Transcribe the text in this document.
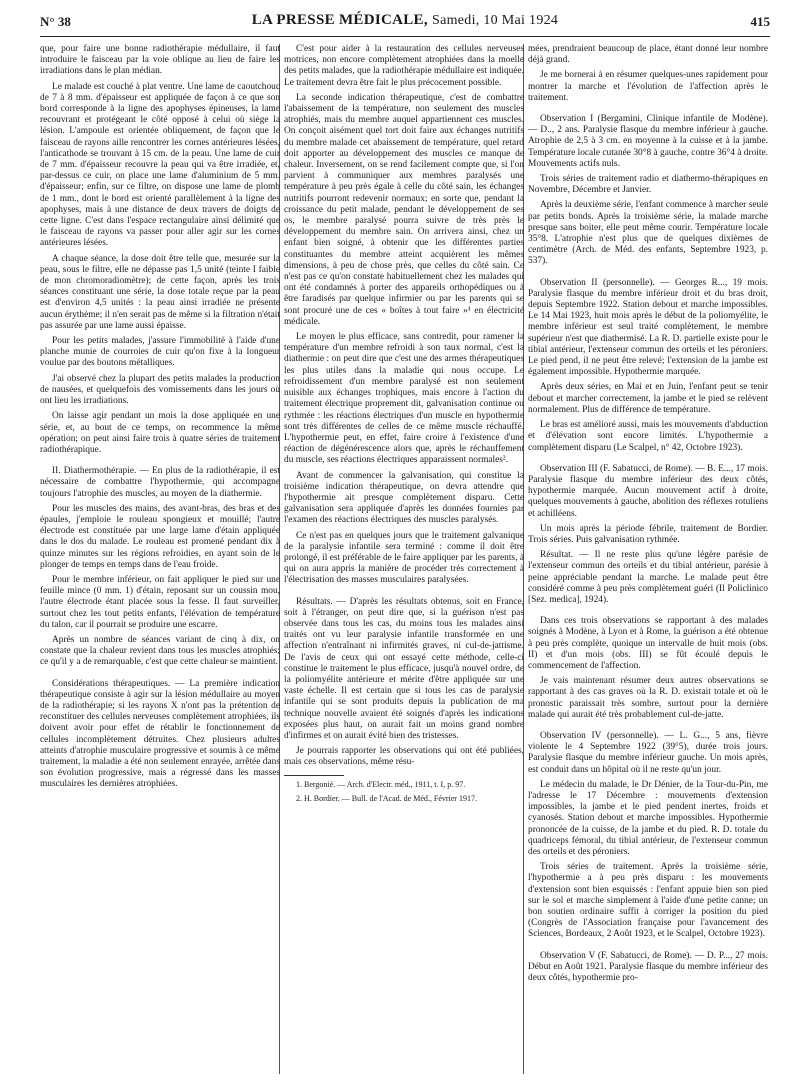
N° 38	LA PRESSE MÉDICALE, Samedi, 10 Mai 1924	415

que, pour faire une bonne radiothérapie médullaire, il faut introduire le faisceau par la voie oblique au lieu de faire les irradiations dans le plan médian.

Le malade est couché à plat ventre. Une lame de caoutchouc de 7 à 8 mm. d'épaisseur est appliquée de façon à ce que son bord corresponde à la ligne des apophyses épineuses, la lame recouvrant et protégeant le côté opposé à celui où siège la lésion. L'ampoule est orientée obliquement, de façon que le faisceau de rayons aille rencontrer les cornes antérieures lésées, l'anticathode se trouvant à 15 cm. de la peau. Une lame de cuir de 7 mm. d'épaisseur recouvre la peau qui va être irradiée, et, par-dessus ce cuir, on place une lame d'aluminium de 5 mm. d'épaisseur; enfin, sur ce filtre, on dispose une lame de plomb de 1 mm., dont le bord est orienté parallèlement à la ligne des apophyses, mais à une distance de deux travers de doigts de cette ligne. C'est dans l'espace rectangulaire ainsi délimité que le faisceau de rayons va passer pour aller agir sur les cornes antérieures lésées.

A chaque séance, la dose doit être telle que, mesurée sur la peau, sous le filtre, elle ne dépasse pas 1,5 unité (teinte I faible de mon chromoradiomètre); de cette façon, après les trois séances constituant une série, la dose totale reçue par la peau est d'environ 4,5 unités : la peau ainsi irradiée ne présente aucun érythème; il n'en serait pas de même si la filtration n'était pas assurée par une lame aussi épaisse.

Pour les petits malades, j'assure l'immobilité à l'aide d'une planche munie de courroies de cuir qu'on fixe à la longueur voulue par des boutons métalliques.

J'ai observé chez la plupart des petits malades la production de nausées, et quelquefois des vomissements dans les jours où ont lieu les irradiations.

On laisse agir pendant un mois la dose appliquée en une série, et, au bout de ce temps, on recommence la même opération; on peut ainsi faire trois à quatre séries de traitement radiothérapique.

II. Diathermothérapie. — En plus de la radiothérapie, il est nécessaire de combattre l'hypothermie, qui accompagne toujours l'atrophie des muscles, au moyen de la diathermie.

Pour les muscles des mains, des avant-bras, des bras et des épaules, j'emploie le rouleau spongieux et mouillé; l'autre électrode est constituée par une large lame d'étain appliquée dans le dos du malade. Le rouleau est promené pendant dix à quinze minutes sur les régions refroidies, en ayant soin de le plonger de temps en temps dans de l'eau froide.

Pour le membre inférieur, on fait appliquer le pied sur une feuille mince (0 mm. 1) d'étain, reposant sur un coussin mou, l'autre électrode étant placée sous la fesse. Il faut surveiller, surtout chez les tout petits enfants, l'élévation de température du talon, car il pourrait se produire une escarre.

Après un nombre de séances variant de cinq à dix, on constate que la chaleur revient dans tous les muscles atrophiés; ce qu'il y a de remarquable, c'est que cette chaleur se maintient.

Considérations thérapeutiques. — La première indication thérapeutique consiste à agir sur la lésion médullaire au moyen de la radiothérapie; si les rayons X n'ont pas la prétention de reconstituer des cellules nerveuses complètement atrophiées, ils doivent avoir pour effet de rétablir le fonctionnement de cellules incomplètement détruites. Chez plusieurs adultes atteints d'atrophie musculaire progressive et soumis à ce même traitement, la maladie a été non seulement enrayée, arrêtée dans son évolution progressive, mais a régressé dans les masses musculaires les dernières atrophiées.

C'est pour aider à la restauration des cellules nerveuses motrices, non encore complètement atrophiées dans la moelle des petits malades, que la radiothérapie médullaire est indiquée. Le traitement devra être fait le plus précocement possible.

La seconde indication thérapeutique, c'est de combattre l'abaissement de la température, non seulement des muscles atrophiés, mais du membre auquel appartiennent ces muscles. On conçoit aisément quel tort doit faire aux échanges nutritifs du membre malade cet abaissement de température, quel retard doit apporter au développement des muscles ce manque de chaleur. Inversement, on se rend facilement compte que, si l'on parvient à communiquer aux membres paralysés une température à peu près égale à celle du côté sain, les échanges nutritifs pourront redevenir normaux; en sorte que, pendant la croissance du petit malade, pendant le développement de ses os, le membre paralysé pourra suivre de très près le développement du membre sain. On arrivera ainsi, chez un enfant bien soigné, à obtenir que les différentes parties constituantes du membre atteint acquièrent les mêmes dimensions, à peu de chose près, que celles du côté sain. Ce n'est pas ce qu'on constate habituellement chez les malades qui ont été condamnés à porter des appareils orthopédiques ou à être faradisés par quelque infirmier ou par les parents qui se sont procuré une de ces « boîtes à tout faire »¹ en électricité médicale.

Le moyen le plus efficace, sans contredit, pour ramener la température d'un membre refroidi à son taux normal, c'est la diathermie : on peut dire que c'est une des armes thérapeutiques les plus utiles dans la maladie qui nous occupe. Le refroidissement d'un membre paralysé est non seulement nuisible aux échanges trophiques, mais encore à l'action du traitement électrique proprement dit, galvanisation continue ou rythmée : les réactions électriques d'un muscle en hypothermie sont très différentes de celles de ce même muscle réchauffé. L'hypothermie peut, en effet, faire croire à l'existence d'une réaction de dégénérescence alors que, après le réchauffement du muscle, ses réactions électriques apparaissent normales².

Avant de commencer la galvanisation, qui constitue la troisième indication thérapeutique, on devra attendre que l'hypothermie ait presque complètement disparu. Cette galvanisation sera appliquée d'après les données fournies par l'examen des réactions électriques des muscles paralysés.

Ce n'est pas en quelques jours que le traitement galvanique de la paralysie infantile sera terminé : comme il doit être prolongé, il est préférable de le faire appliquer par les parents, à qui on aura appris la manière de procéder très correctement à l'électrisation des masses musculaires paralysées.

Résultats. — D'après les résultats obtenus, soit en France, soit à l'étranger, on peut dire que, si la guérison n'est pas observée dans tous les cas, du moins tous les malades ainsi traités ont vu leur paralysie infantile transformée en une affection n'entraînant ni infirmités graves, ni cul-de-jattisme. De l'avis de ceux qui ont essayé cette méthode, celle-ci constitue le traitement le plus efficace, jusqu'à nouvel ordre, de la poliomyélite antérieure et mérite d'être appliquée sur une vaste échelle. Il est certain que si tous les cas de paralysie infantile qui se sont produits depuis la publication de ma technique nouvelle avaient été soignés d'après les indications exposées plus haut, on aurait fait un moins grand nombre d'infirmes et on aurait évité bien des tristesses.

Je pourrais rapporter les observations qui ont été publiées, mais ces observations, même résu-

1. Bergonié. — Arch. d'Electr. méd., 1911, t. I, p. 97.

2. H. Bordier. — Bull. de l'Acad. de Méd., Février 1917.

mées, prendraient beaucoup de place, étant donné leur nombre déjà grand.

Je me bornerai à en résumer quelques-unes rapidement pour montrer la marche et l'évolution de l'affection après le traitement.

Observation I (Bergamini, Clinique infantile de Modène). — D.., 2 ans. Paralysie flasque du membre inférieur à gauche. Atrophie de 2,5 à 3 cm. en moyenne à la cuisse et à la jambe. Température locale cutanée 30°8 à gauche, contre 36°4 à droite. Mouvements actifs nuls.

Trois séries de traitement radio et diathermo-thérapiques en Novembre, Décembre et Janvier.

Après la deuxième série, l'enfant commence à marcher seule par petits bonds. Après la troisième série, la malade marche presque sans boiter, elle peut même courir. Température locale 35°8. L'atrophie n'est plus que de quelques dixièmes de centimètre (Arch. de Méd. des enfants, Septembre 1923, p. 537).

Observation II (personnelle). — Georges R..., 19 mois. Paralysie flasque du membre inférieur droit et du bras droit, depuis Septembre 1922. Station debout et marche impossibles. Le 14 Mai 1923, huit mois après le début de la poliomyélite, le membre inférieur est seul traité complètement, le membre supérieur n'est que diathermisé. La R. D. partielle existe pour le tibial antérieur, l'extenseur commun des orteils et les péroniers. Le pied pend, il ne peut être relevé; l'extension de la jambe est également impossible. Hypothermie marquée.

Après deux séries, en Mai et en Juin, l'enfant peut se tenir debout et marcher correctement, la jambe et le pied se relèvent normalement. Plus de différence de température.

Le bras est amélioré aussi, mais les mouvements d'abduction et d'élévation sont encore limités. L'hypothermie a complètement disparu (Le Scalpel, n° 42, Octobre 1923).

Observation III (F. Sabatucci, de Rome). — B. E..., 17 mois. Paralysie flasque du membre inférieur des deux côtés, hypothermie marquée. Aucun mouvement actif à droite, quelques mouvements à gauche, abolition des réflexes rotuliens et achilléens.

Un mois après la période fébrile, traitement de Bordier. Trois séries. Puis galvanisation rythmée.

Résultat. — Il ne reste plus qu'une légère parésie de l'extenseur commun des orteils et du tibial antérieur, parésie à peine appréciable pendant la marche. Le malade peut être considéré comme à peu près complètement guéri (Il Policlinico [Sez. medica], 1924).

Dans ces trois observations se rapportant à des malades soignés à Modène, à Lyon et à Rome, la guérison a été obtenue à peu près complète, quoique un intervalle de huit mois (obs. II) et d'un mois (obs. III) se fût écoulé depuis le commencement de l'affection.

Je vais maintenant résumer deux autres observations se rapportant à des cas graves où la R. D. existait totale et où le pronostic paraissait très sombre, surtout pour la dernière malade qui aurait été très probablement cul-de-jatte.

Observation IV (personnelle). — L. G..., 5 ans, fièvre violente le 4 Septembre 1922 (39°5), durée trois jours. Paralysie flasque du membre inférieur gauche. Un mois après, est conduit dans un hôpital où il ne reste qu'un jour.

Le médecin du malade, le Dr Dénier, de la Tour-du-Pin, me l'adresse le 17 Décembre : mouvements d'extension impossibles, la jambe et le pied pendent inertes, froids et cyanosés. Station debout et marche impossibles. Hypothermie prononcée de la cuisse, de la jambe et du pied. R. D. totale du quadriceps fémoral, du tibial antérieur, de l'extenseur commun des orteils et des péroniers.

Trois séries de traitement. Après la troisième série, l'hypothermie a à peu près disparu : les mouvements d'extension sont bien esquissés : l'enfant appuie bien son pied sur le sol et marche simplement à l'aide d'une petite canne; un bon soutien ordinaire suffit à corriger la position du pied (Congrès de l'Association française pour l'avancement des Sciences, Bordeaux, 2 Août 1923, et le Scalpel, Octobre 1923).

Observation V (F. Sabatucci, de Rome). — D. P..., 27 mois. Début en Août 1921. Paralysie flasque du membre inférieur des deux côtés, hypothermie pro-
